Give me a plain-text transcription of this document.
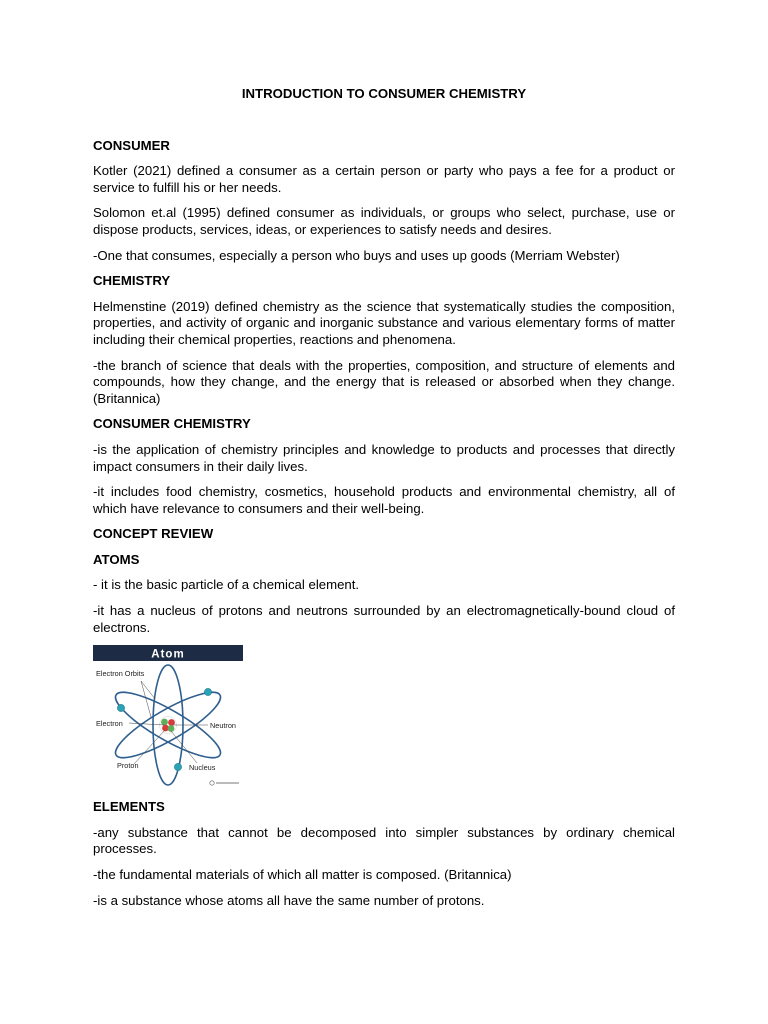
INTRODUCTION TO CONSUMER CHEMISTRY
CONSUMER

Kotler (2021) defined a consumer as a certain person or party who pays a fee for a product or service to fulfill his or her needs.

Solomon et.al (1995) defined consumer as individuals, or groups who select, purchase, use or dispose products, services, ideas, or experiences to satisfy needs and desires.

-One that consumes, especially a person who buys and uses up goods (Merriam Webster)

CHEMISTRY

Helmenstine (2019) defined chemistry as the science that systematically studies the composition, properties, and activity of organic and inorganic substance and various elementary forms of matter including their chemical properties, reactions and phenomena.

-the branch of science that deals with the properties, composition, and structure of elements and compounds, how they change, and the energy that is released or absorbed when they change. (Britannica)

CONSUMER CHEMISTRY

-is the application of chemistry principles and knowledge to products and processes that directly impact consumers in their daily lives.

-it includes food chemistry, cosmetics, household products and environmental chemistry, all of which have relevance to consumers and their well-being.

CONCEPT REVIEW
ATOMS

- it is the basic particle of a chemical element.

-it has a nucleus of protons and neutrons surrounded by an electromagnetically-bound cloud of electrons.

Atom
Electron Orbits
Electron	Neutron
Proton	Nucleus
ELEMENTS

-any substance that cannot be decomposed into simpler substances by ordinary chemical processes.

-the fundamental materials of which all matter is composed. (Britannica)

-is a substance whose atoms all have the same number of protons.
